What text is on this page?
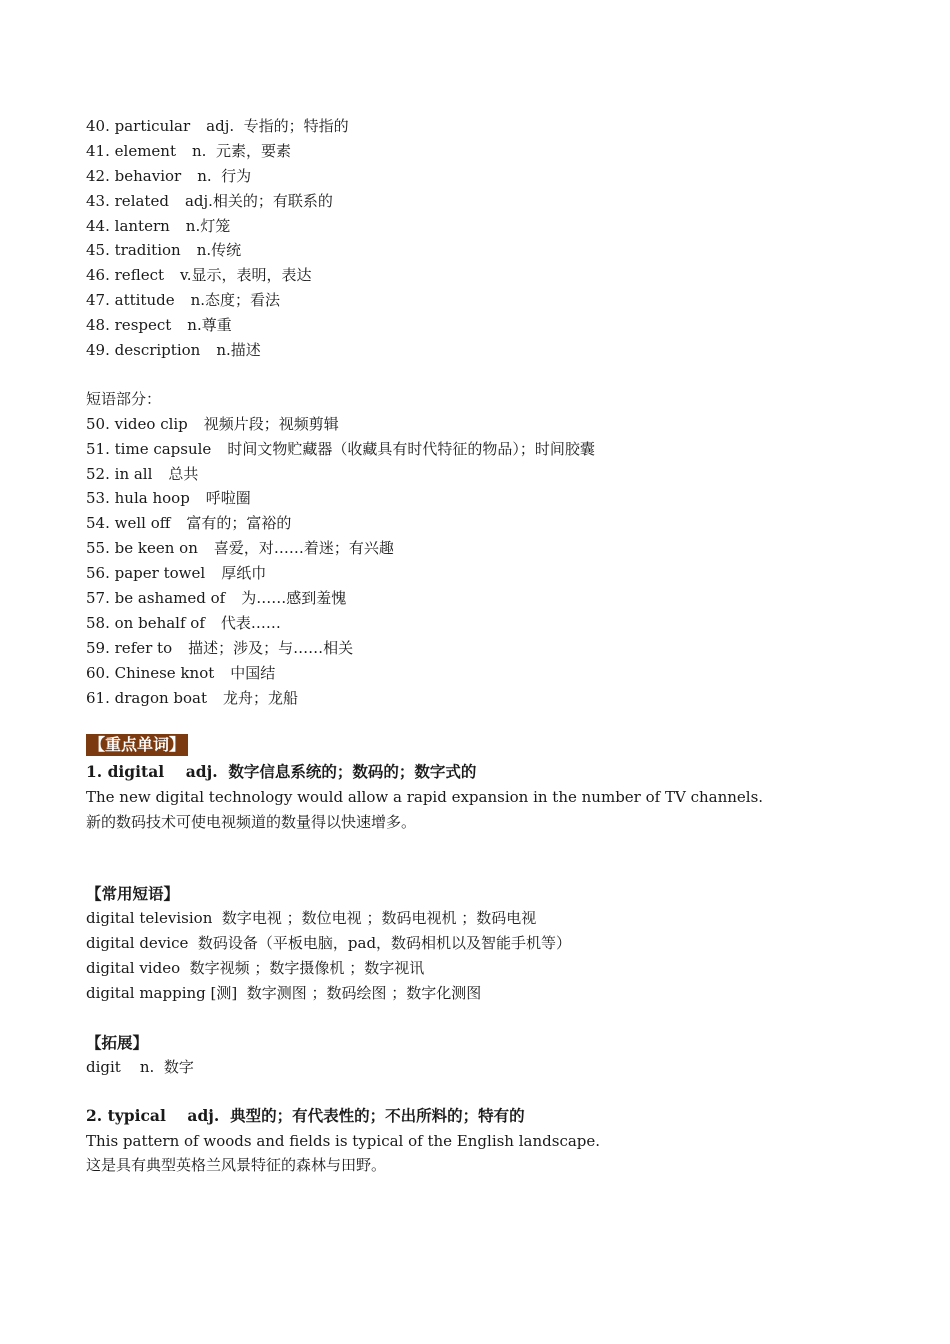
40. particular adj.  专指的；特指的
41. element n.  元素，要素
42. behavior n.  行为
43. related adj.相关的；有联系的
44. lantern n.灯笼
45. tradition n.传统
46. reflect v.显示，表明，表达
47. attitude n.态度；看法
48. respect n.尊重
49. description n.描述
短语部分：
50. video clip 视频片段；视频剪辑
51. time capsule 时间文物贮藏器（收藏具有时代特征的物品）；时间胶囊
52. in all 总共
53. hula hoop 呼啦圈
54. well off 富有的；富裕的
55. be keen on 喜爱，对……着迷；有兴趣
56. paper towel 厚纸巾
57. be ashamed of 为……感到羞愧
58. on behalf of 代表……
59. refer to 描述；涉及；与……相关
60. Chinese knot 中国结
61. dragon boat 龙舟；龙船
【重点单词】
1. digital    adj.  数字信息系统的；数码的；数字式的
The new digital technology would allow a rapid expansion in the number of TV channels.
新的数码技术可使电视频道的数量得以快速增多。
【常用短语】
digital television  数字电视 ；数位电视 ；数码电视机 ；数码电视
digital device  数码设备（平板电脑，pad，数码相机以及智能手机等）
digital video  数字视频 ；数字摄像机 ；数字视讯
digital mapping [测]  数字测图 ；数码绘图 ；数字化测图
【拓展】
digit    n.  数字
2. typical    adj.  典型的；有代表性的；不出所料的；特有的
This pattern of woods and fields is typical of the English landscape.
这是具有典型英格兰风景特征的森林与田野。
